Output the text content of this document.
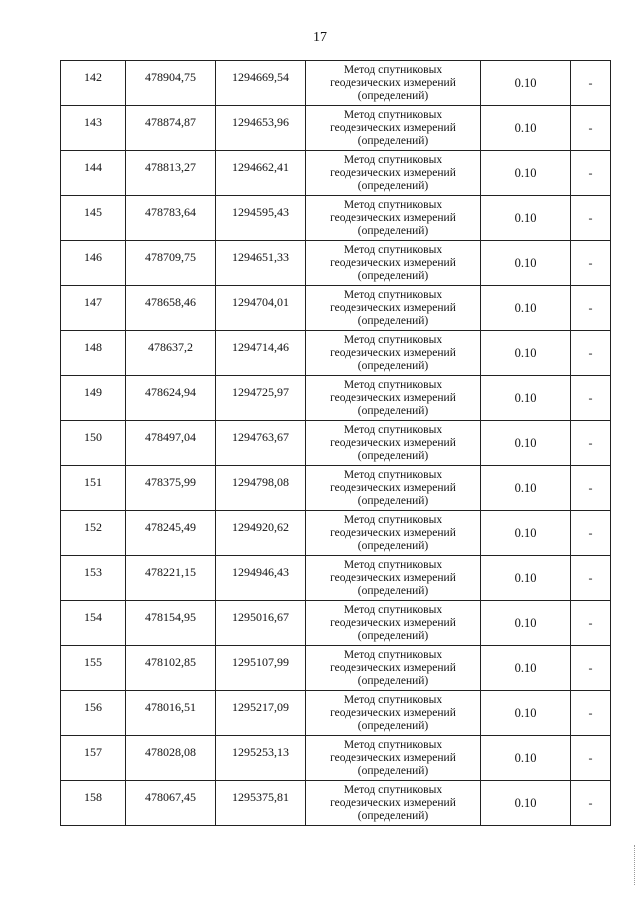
17
142	478904,75	1294669,54	Метод спутниковых
геодезических измерений
(определений)	0.10	-
143	478874,87	1294653,96	Метод спутниковых
геодезических измерений
(определений)	0.10	-
144	478813,27	1294662,41	Метод спутниковых
геодезических измерений
(определений)	0.10	-
145	478783,64	1294595,43	Метод спутниковых
геодезических измерений
(определений)	0.10	-
146	478709,75	1294651,33	Метод спутниковых
геодезических измерений
(определений)	0.10	-
147	478658,46	1294704,01	Метод спутниковых
геодезических измерений
(определений)	0.10	-
148	478637,2	1294714,46	Метод спутниковых
геодезических измерений
(определений)	0.10	-
149	478624,94	1294725,97	Метод спутниковых
геодезических измерений
(определений)	0.10	-
150	478497,04	1294763,67	Метод спутниковых
геодезических измерений
(определений)	0.10	-
151	478375,99	1294798,08	Метод спутниковых
геодезических измерений
(определений)	0.10	-
152	478245,49	1294920,62	Метод спутниковых
геодезических измерений
(определений)	0.10	-
153	478221,15	1294946,43	Метод спутниковых
геодезических измерений
(определений)	0.10	-
154	478154,95	1295016,67	Метод спутниковых
геодезических измерений
(определений)	0.10	-
155	478102,85	1295107,99	Метод спутниковых
геодезических измерений
(определений)	0.10	-
156	478016,51	1295217,09	Метод спутниковых
геодезических измерений
(определений)	0.10	-
157	478028,08	1295253,13	Метод спутниковых
геодезических измерений
(определений)	0.10	-
158	478067,45	1295375,81	Метод спутниковых
геодезических измерений
(определений)	0.10	-
